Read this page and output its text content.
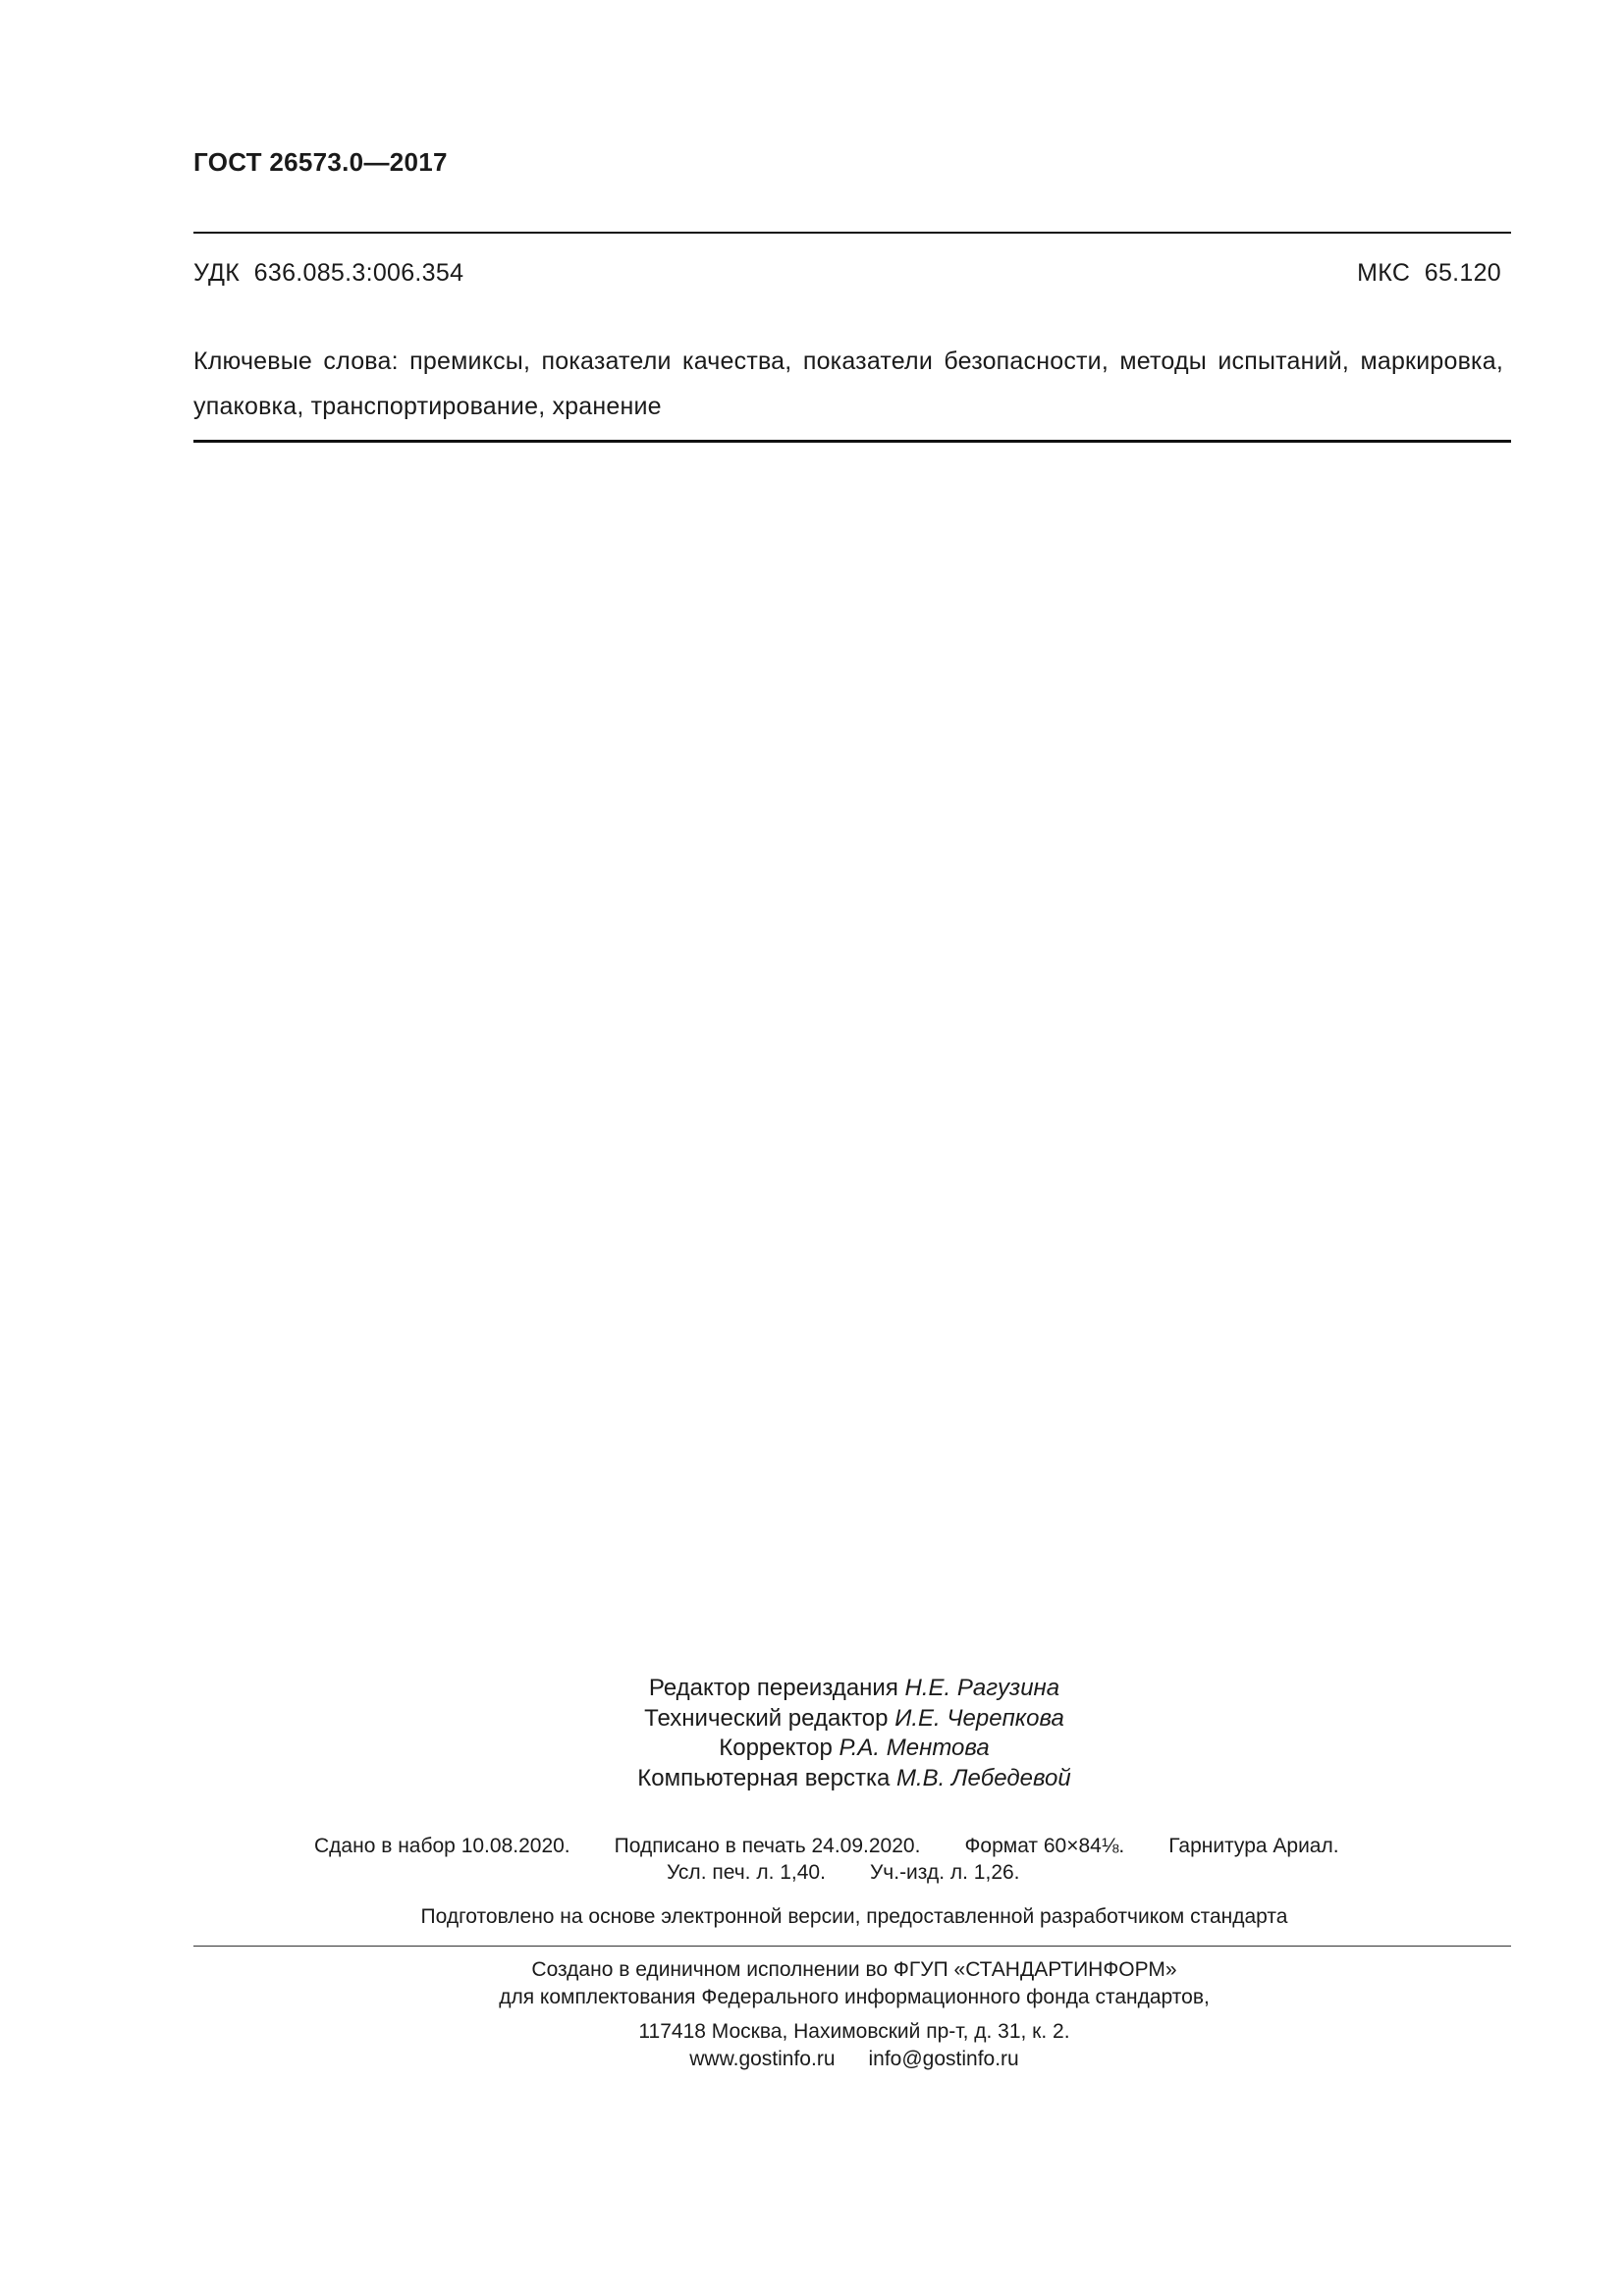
ГОСТ 26573.0—2017
УДК 636.085.3:006.354	МКС 65.120
Ключевые слова: премиксы, показатели качества, показатели безопасности, методы испытаний, маркировка, упаковка, транспортирование, хранение
Редактор переиздания Н.Е. Рагузина
Технический редактор И.Е. Черепкова
Корректор Р.А. Ментова
Компьютерная верстка М.В. Лебедевой
Сдано в набор 10.08.2020. Подписано в печать 24.09.2020. Формат 60×84⅛. Гарнитура Ариал.
Усл. печ. л. 1,40. Уч.-изд. л. 1,26.
Подготовлено на основе электронной версии, предоставленной разработчиком стандарта
Создано в единичном исполнении во ФГУП «СТАНДАРТИНФОРМ»
для комплектования Федерального информационного фонда стандартов,
117418 Москва, Нахимовский пр-т, д. 31, к. 2.
www.gostinfo.ru info@gostinfo.ru
